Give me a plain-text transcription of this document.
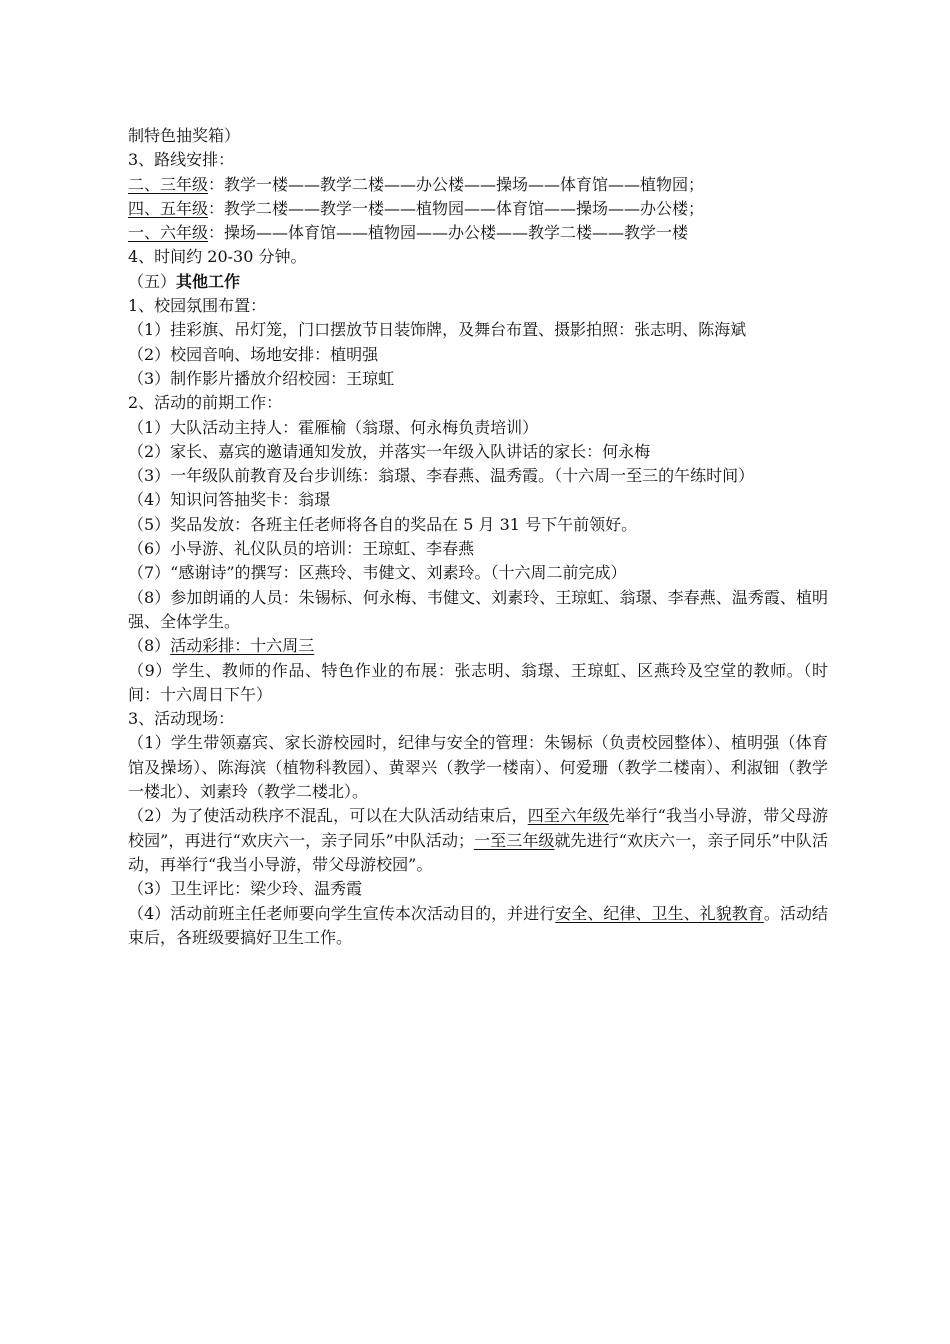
制特色抽奖箱）
3、路线安排：
二、三年级：教学一楼——教学二楼——办公楼——操场——体育馆——植物园；
四、五年级：教学二楼——教学一楼——植物园——体育馆——操场——办公楼；
一、六年级：操场——体育馆——植物园——办公楼——教学二楼——教学一楼
4、时间约 20-30 分钟。
（五）其他工作
1、校园氛围布置：
（1）挂彩旗、吊灯笼，门口摆放节日装饰牌，及舞台布置、摄影拍照：张志明、陈海斌
（2）校园音响、场地安排：植明强
（3）制作影片播放介绍校园：王琼虹
2、活动的前期工作：
（1）大队活动主持人：霍雁榆（翁璟、何永梅负责培训）
（2）家长、嘉宾的邀请通知发放，并落实一年级入队讲话的家长：何永梅
（3）一年级队前教育及台步训练：翁璟、李春燕、温秀霞。（十六周一至三的午练时间）
（4）知识问答抽奖卡：翁璟
（5）奖品发放：各班主任老师将各自的奖品在 5 月 31 号下午前领好。
（6）小导游、礼仪队员的培训：王琼虹、李春燕
（7）“感谢诗”的撰写：区燕玲、韦健文、刘素玲。（十六周二前完成）
（8）参加朗诵的人员：朱锡标、何永梅、韦健文、刘素玲、王琼虹、翁璟、李春燕、温秀霞、植明强、全体学生。
（8）活动彩排：十六周三
（9）学生、教师的作品、特色作业的布展：张志明、翁璟、王琼虹、区燕玲及空堂的教师。（时间：十六周日下午）
3、活动现场：
（1）学生带领嘉宾、家长游校园时，纪律与安全的管理：朱锡标（负责校园整体）、植明强（体育馆及操场）、陈海滨（植物科教园）、黄翠兴（教学一楼南）、何爱珊（教学二楼南）、利淑钿（教学一楼北）、刘素玲（教学二楼北）。
（2）为了使活动秩序不混乱，可以在大队活动结束后，四至六年级先举行“我当小导游，带父母游校园”，再进行“欢庆六一，亲子同乐”中队活动；一至三年级就先进行“欢庆六一，亲子同乐”中队活动，再举行“我当小导游，带父母游校园”。
（3）卫生评比：梁少玲、温秀霞
（4）活动前班主任老师要向学生宣传本次活动目的，并进行安全、纪律、卫生、礼貌教育。活动结束后，各班级要搞好卫生工作。
